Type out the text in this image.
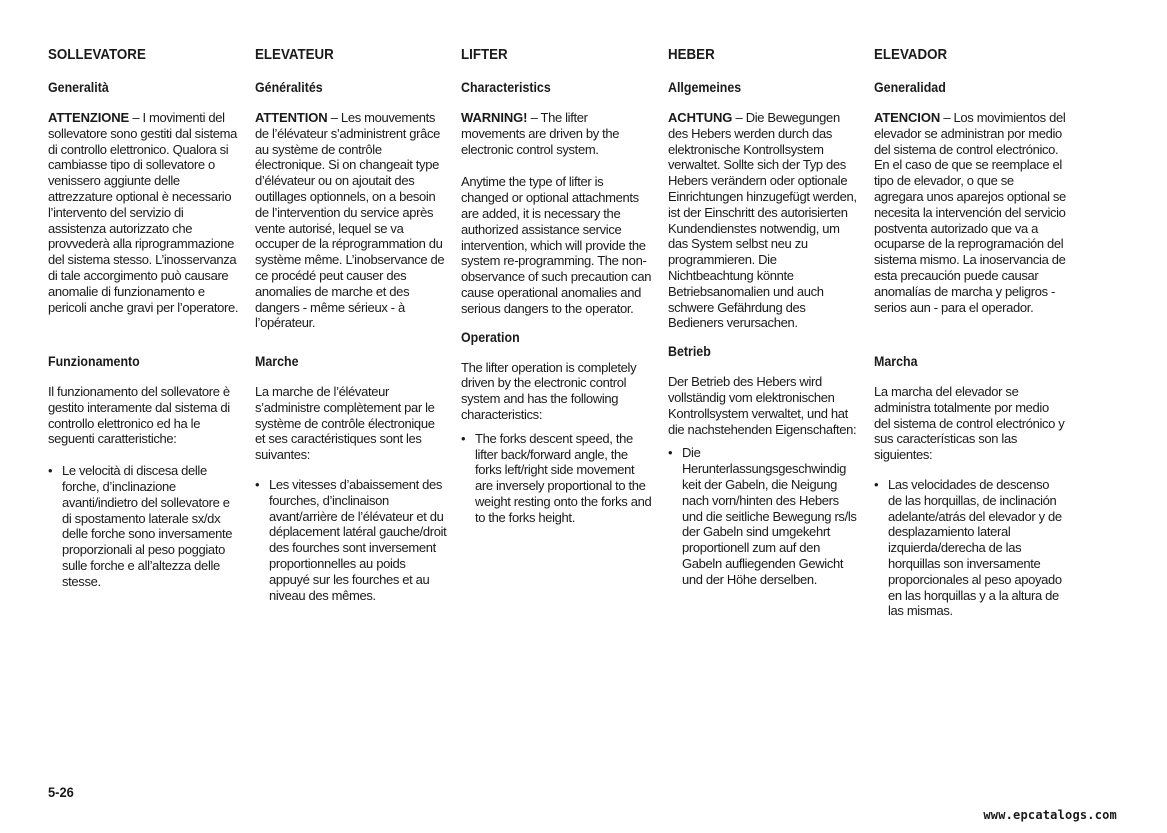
SOLLEVATORE
Generalità

ATTENZIONE – I movimenti del sollevatore sono gestiti dal sistema di controllo elettronico. Qualora si cambiasse tipo di sollevatore o venissero aggiunte delle attrezzature optional è necessario l’intervento del servizio di assistenza autorizzato che provvederà alla riprogrammazione del sistema stesso. L’inosservanza di tale accorgimento può causare anomalie di funzionamento e pericoli anche gravi per l’operatore.

Funzionamento

Il funzionamento del sollevatore è gestito interamente dal sistema di controllo elettronico ed ha le seguenti caratteristiche:

• Le velocità di discesa delle forche, d’inclinazione avanti/indietro del sollevatore e di spostamento laterale sx/dx delle forche sono inversamente proporzionali al peso poggiato sulle forche e all’altezza delle stesse.
ELEVATEUR
Généralités

ATTENTION – Les mouvements de l’élévateur s’administrent grâce au système de contrôle électronique. Si on changeait type d’élévateur ou on ajoutait des outillages optionnels, on a besoin de l’intervention du service après vente autorisé, lequel se va occuper de la réprogrammation du système même. L’inobservance de ce procédé peut causer des anomalies de marche et des dangers - même sérieux - à l’opérateur.

Marche

La marche de l’élévateur s’administre complètement par le système de contrôle électronique et ses caractéristiques sont les suivantes:

• Les vitesses d’abaissement des fourches, d’inclinaison avant/arrière de l’élévateur et du déplacement latéral gauche/droit des fourches sont inversement proportionnelles au poids appuyé sur les fourches et au niveau des mêmes.
LIFTER
Characteristics

WARNING! – The lifter movements are driven by the electronic control system.

Anytime the type of lifter is changed or optional attachments are added, it is necessary the authorized assistance service intervention, which will provide the system re-programming. The non-observance of such precaution can cause operational anomalies and serious dangers to the operator.

Operation

The lifter operation is completely driven by the electronic control system and has the following characteristics:

• The forks descent speed, the lifter back/forward angle, the forks left/right side movement are inversely proportional to the weight resting onto the forks and to the forks height.
HEBER
Allgemeines

ACHTUNG – Die Bewegungen des Hebers werden durch das elektronische Kontrollsystem verwaltet. Sollte sich der Typ des Hebers verändern oder optionale Einrichtungen hinzugefügt werden, ist der Einschritt des autorisierten Kundendienstes notwendig, um das System selbst neu zu programmieren. Die Nichtbeachtung könnte Betriebsanomalien und auch schwere Gefährdung des Bedieners verursachen.

Betrieb

Der Betrieb des Hebers wird vollständig vom elektronischen Kontrollsystem verwaltet, und hat die nachstehenden Eigenschaften:

• Die Herunterlassungsgeschwindig keit der Gabeln, die Neigung nach vorn/hinten des Hebers und die seitliche Bewegung rs/ls der Gabeln sind umgekehrt proportionell zum auf den Gabeln aufliegenden Gewicht und der Höhe derselben.
ELEVADOR
Generalidad

ATENCION – Los movimientos del elevador se administran por medio del sistema de control electrónico. En el caso de que se reemplace el tipo de elevador, o que se agregara unos aparejos optional se necesita la intervención del servicio postventa autorizado que va a ocuparse de la reprogramación del sistema mismo. La inoservancia de esta precaución puede causar anomalías de marcha y peligros - serios aun - para el operador.

Marcha

La marcha del elevador se administra totalmente por medio del sistema de control electrónico y sus características son las siguientes:

• Las velocidades de descenso de las horquillas, de inclinación adelante/atrás del elevador y de desplazamiento lateral izquierda/derecha de las horquillas son inversamente proporcionales al peso apoyado en las horquillas y a la altura de las mismas.
5-26
www.epcatalogs.com
